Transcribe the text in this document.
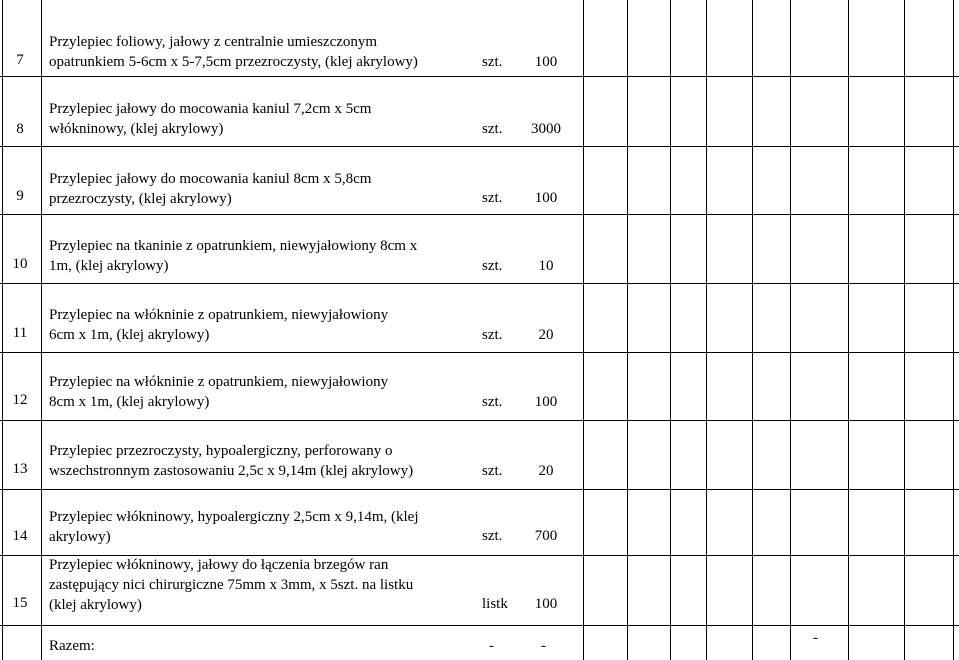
7
Przylepiec foliowy, jałowy z centralnie umieszczonym
opatrunkiem 5-6cm x 5-7,5cm przezroczysty, (klej akrylowy)	szt.	100
8
Przylepiec jałowy do mocowania kaniul 7,2cm x 5cm
włókninowy, (klej akrylowy)	szt.	3000
9
Przylepiec jałowy do mocowania kaniul 8cm x 5,8cm
przezroczysty, (klej akrylowy)	szt.	100
10
Przylepiec na tkaninie z opatrunkiem, niewyjałowiony 8cm x
1m, (klej akrylowy)	szt.	10
11
Przylepiec na włókninie z opatrunkiem, niewyjałowiony
6cm x 1m, (klej akrylowy)	szt.	20
12
Przylepiec na włókninie z opatrunkiem, niewyjałowiony
8cm x 1m, (klej akrylowy)	szt.	100
13
Przylepiec przezroczysty, hypoalergiczny, perforowany o
wszechstronnym zastosowaniu 2,5c x 9,14m (klej akrylowy)	szt.	20
14
Przylepiec włókninowy, hypoalergiczny 2,5cm x 9,14m, (klej
akrylowy)	szt.	700
15
Przylepiec włókninowy, jałowy do łączenia brzegów ran
zastępujący nici chirurgiczne 75mm x 3mm, x 5szt. na listku
(klej akrylowy)	listk	100
Razem:	-	-	-
